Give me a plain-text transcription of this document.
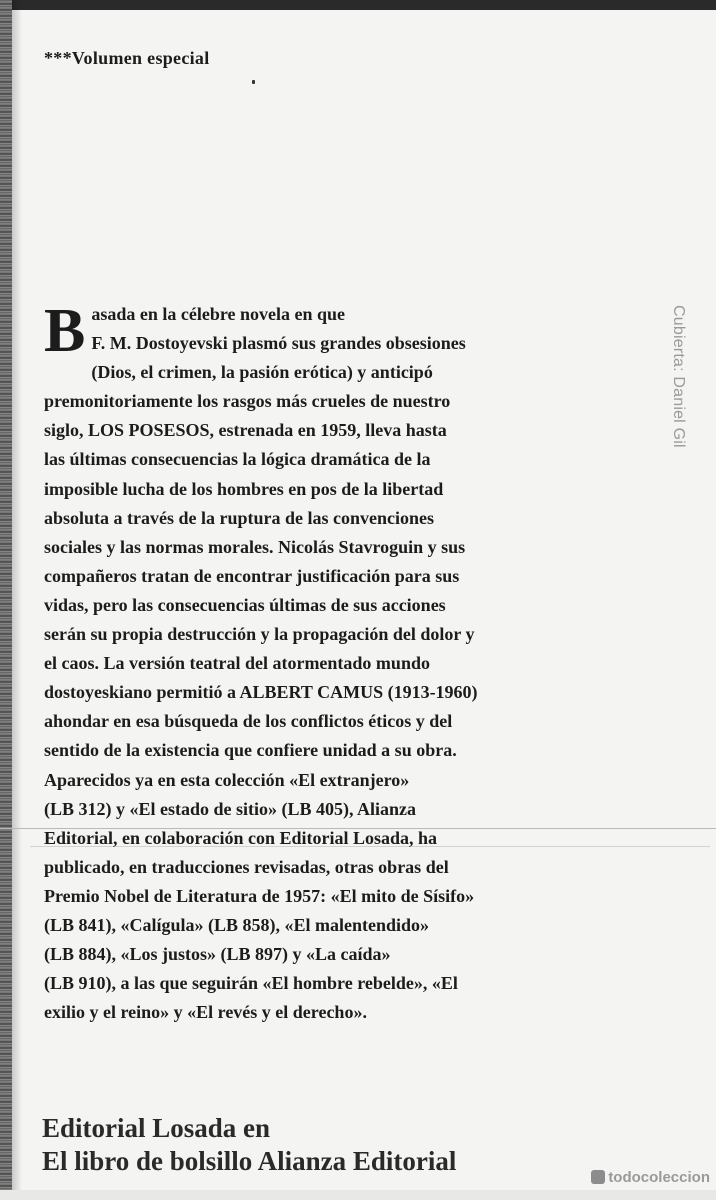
***Volumen especial
Cubierta: Daniel Gil
B asada en la célebre novela en que
F. M. Dostoyevski plasmó sus grandes obsesiones
(Dios, el crimen, la pasión erótica) y anticipó
premonitoriamente los rasgos más crueles de nuestro
siglo, LOS POSESOS, estrenada en 1959, lleva hasta
las últimas consecuencias la lógica dramática de la
imposible lucha de los hombres en pos de la libertad
absoluta a través de la ruptura de las convenciones
sociales y las normas morales. Nicolás Stavroguin y sus
compañeros tratan de encontrar justificación para sus
vidas, pero las consecuencias últimas de sus acciones
serán su propia destrucción y la propagación del dolor y
el caos. La versión teatral del atormentado mundo
dostoyeskiano permitió a ALBERT CAMUS (1913-1960)
ahondar en esa búsqueda de los conflictos éticos y del
sentido de la existencia que confiere unidad a su obra.
Aparecidos ya en esta colección «El extranjero»
(LB 312) y «El estado de sitio» (LB 405), Alianza
Editorial, en colaboración con Editorial Losada, ha
publicado, en traducciones revisadas, otras obras del
Premio Nobel de Literatura de 1957: «El mito de Sísifo»
(LB 841), «Calígula» (LB 858), «El malentendido»
(LB 884), «Los justos» (LB 897) y «La caída»
(LB 910), a las que seguirán «El hombre rebelde», «El
exilio y el reino» y «El revés y el derecho».
Editorial Losada en
El libro de bolsillo Alianza Editorial
todocoleccion
